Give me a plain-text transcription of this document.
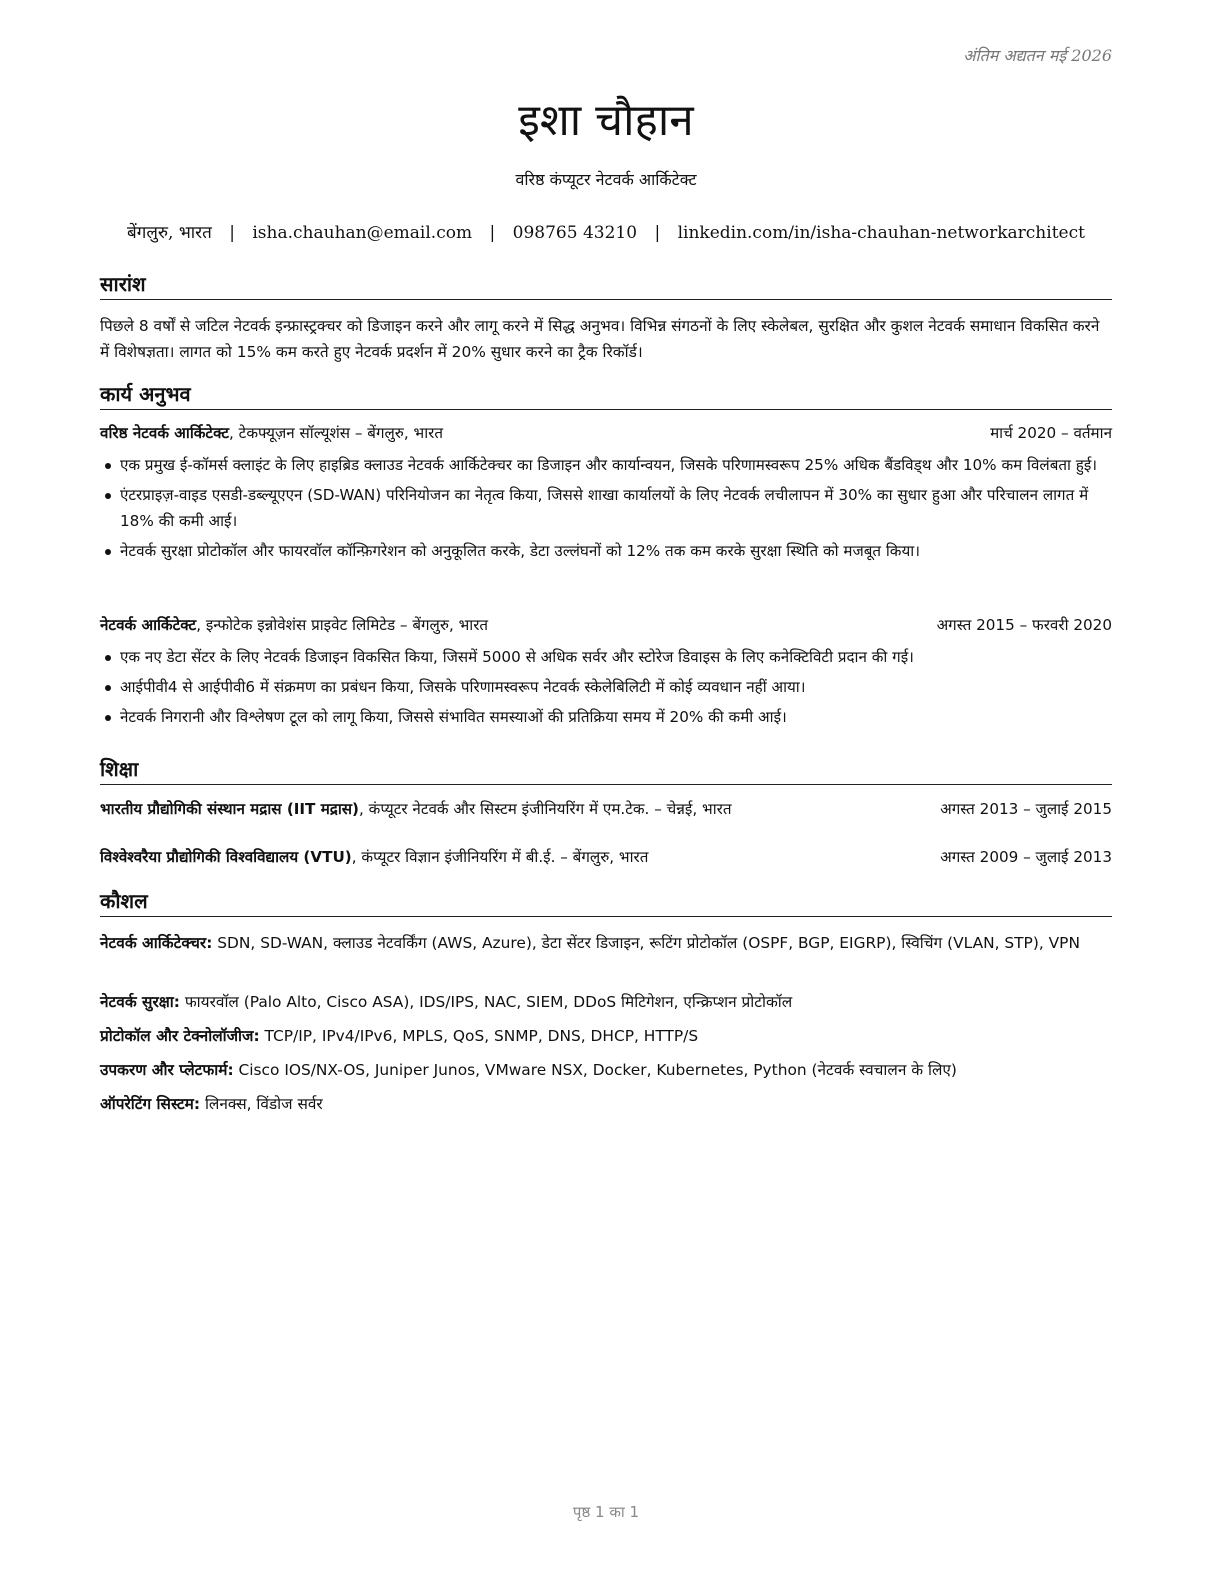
अंतिम अद्यतन मई 2026
इशा चौहान
वरिष्ठ कंप्यूटर नेटवर्क आर्किटेक्ट
बेंगलुरु, भारत | isha.chauhan@email.com | 098765 43210 | linkedin.com/in/isha-chauhan-networkarchitect
सारांश
पिछले 8 वर्षों से जटिल नेटवर्क इन्फ्रास्ट्रक्चर को डिजाइन करने और लागू करने में सिद्ध अनुभव। विभिन्न संगठनों के लिए स्केलेबल, सुरक्षित और कुशल नेटवर्क समाधान विकसित करने में विशेषज्ञता। लागत को 15% कम करते हुए नेटवर्क प्रदर्शन में 20% सुधार करने का ट्रैक रिकॉर्ड।
कार्य अनुभव
वरिष्ठ नेटवर्क आर्किटेक्ट, टेकफ्यूज़न सॉल्यूशंस – बेंगलुरु, भारत	मार्च 2020 – वर्तमान
एक प्रमुख ई-कॉमर्स क्लाइंट के लिए हाइब्रिड क्लाउड नेटवर्क आर्किटेक्चर का डिजाइन और कार्यान्वयन, जिसके परिणामस्वरूप 25% अधिक बैंडविड्थ और 10% कम विलंबता हुई।
एंटरप्राइज़-वाइड एसडी-डब्ल्यूएएन (SD-WAN) परिनियोजन का नेतृत्व किया, जिससे शाखा कार्यालयों के लिए नेटवर्क लचीलापन में 30% का सुधार हुआ और परिचालन लागत में 18% की कमी आई।
नेटवर्क सुरक्षा प्रोटोकॉल और फायरवॉल कॉन्फ़िगरेशन को अनुकूलित करके, डेटा उल्लंघनों को 12% तक कम करके सुरक्षा स्थिति को मजबूत किया।
नेटवर्क आर्किटेक्ट, इन्फोटेक इन्नोवेशंस प्राइवेट लिमिटेड – बेंगलुरु, भारत	अगस्त 2015 – फरवरी 2020
एक नए डेटा सेंटर के लिए नेटवर्क डिजाइन विकसित किया, जिसमें 5000 से अधिक सर्वर और स्टोरेज डिवाइस के लिए कनेक्टिविटी प्रदान की गई।
आईपीवी4 से आईपीवी6 में संक्रमण का प्रबंधन किया, जिसके परिणामस्वरूप नेटवर्क स्केलेबिलिटी में कोई व्यवधान नहीं आया।
नेटवर्क निगरानी और विश्लेषण टूल को लागू किया, जिससे संभावित समस्याओं की प्रतिक्रिया समय में 20% की कमी आई।
शिक्षा
भारतीय प्रौद्योगिकी संस्थान मद्रास (IIT मद्रास), कंप्यूटर नेटवर्क और सिस्टम इंजीनियरिंग में एम.टेक. – चेन्नई, भारत	अगस्त 2013 – जुलाई 2015
विश्वेश्वरैया प्रौद्योगिकी विश्वविद्यालय (VTU), कंप्यूटर विज्ञान इंजीनियरिंग में बी.ई. – बेंगलुरु, भारत	अगस्त 2009 – जुलाई 2013
कौशल
नेटवर्क आर्किटेक्चर: SDN, SD-WAN, क्लाउड नेटवर्किंग (AWS, Azure), डेटा सेंटर डिजाइन, रूटिंग प्रोटोकॉल (OSPF, BGP, EIGRP), स्विचिंग (VLAN, STP), VPN
नेटवर्क सुरक्षा: फायरवॉल (Palo Alto, Cisco ASA), IDS/IPS, NAC, SIEM, DDoS मिटिगेशन, एन्क्रिप्शन प्रोटोकॉल
प्रोटोकॉल और टेक्नोलॉजीज: TCP/IP, IPv4/IPv6, MPLS, QoS, SNMP, DNS, DHCP, HTTP/S
उपकरण और प्लेटफार्म: Cisco IOS/NX-OS, Juniper Junos, VMware NSX, Docker, Kubernetes, Python (नेटवर्क स्वचालन के लिए)
ऑपरेटिंग सिस्टम: लिनक्स, विंडोज सर्वर
पृष्ठ 1 का 1
